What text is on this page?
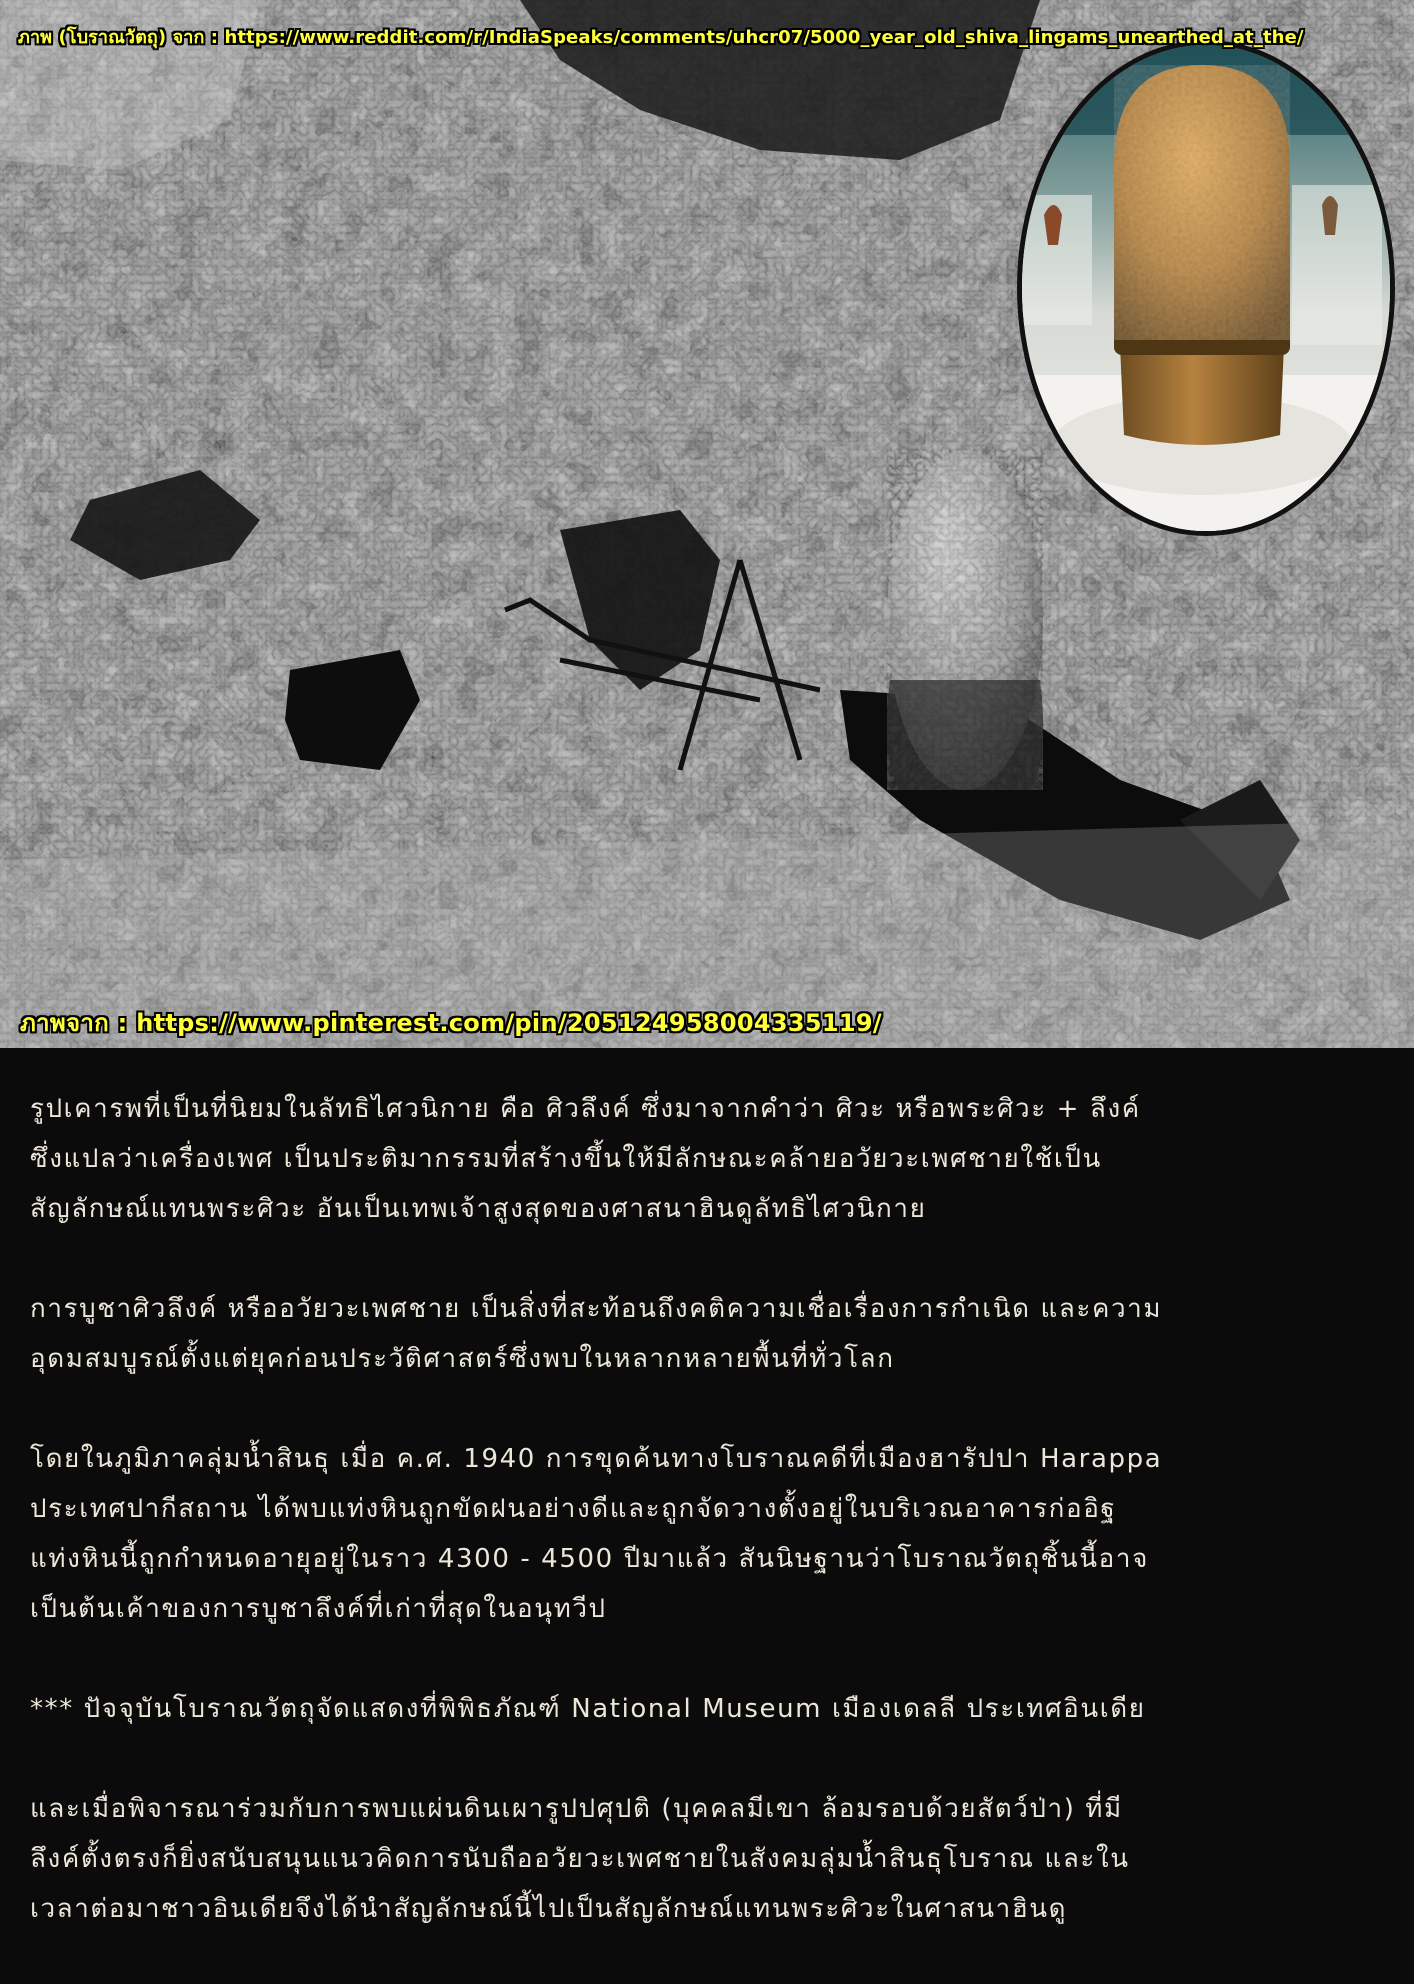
ภาพ (โบราณวัตถุ) จาก : https://www.reddit.com/r/IndiaSpeaks/comments/uhcr07/5000_year_old_shiva_lingams_unearthed_at_the/
ภาพจาก : https://www.pinterest.com/pin/205124958004335119/
รูปเคารพที่เป็นที่นิยมในลัทธิไศวนิกาย คือ ศิวลึงค์ ซึ่งมาจากคำว่า ศิวะ หรือพระศิวะ + ลึงค์
ซึ่งแปลว่าเครื่องเพศ เป็นประติมากรรมที่สร้างขึ้นให้มีลักษณะคล้ายอวัยวะเพศชายใช้เป็น
สัญลักษณ์แทนพระศิวะ อันเป็นเทพเจ้าสูงสุดของศาสนาฮินดูลัทธิไศวนิกาย
การบูชาศิวลึงค์ หรืออวัยวะเพศชาย เป็นสิ่งที่สะท้อนถึงคติความเชื่อเรื่องการกำเนิด และความ
อุดมสมบูรณ์ตั้งแต่ยุคก่อนประวัติศาสตร์ซึ่งพบในหลากหลายพื้นที่ทั่วโลก
โดยในภูมิภาคลุ่มน้ำสินธุ เมื่อ ค.ศ. 1940 การขุดค้นทางโบราณคดีที่เมืองฮารัปปา Harappa
ประเทศปากีสถาน ได้พบแท่งหินถูกขัดฝนอย่างดีและถูกจัดวางตั้งอยู่ในบริเวณอาคารก่ออิฐ
แท่งหินนี้ถูกกำหนดอายุอยู่ในราว 4300 - 4500 ปีมาแล้ว สันนิษฐานว่าโบราณวัตถุชิ้นนี้อาจ
เป็นต้นเค้าของการบูชาลึงค์ที่เก่าที่สุดในอนุทวีป
*** ปัจจุบันโบราณวัตถุจัดแสดงที่พิพิธภัณฑ์ National Museum เมืองเดลลี ประเทศอินเดีย
และเมื่อพิจารณาร่วมกับการพบแผ่นดินเผารูปปศุปติ (บุคคลมีเขา ล้อมรอบด้วยสัตว์ป่า) ที่มี
ลึงค์ตั้งตรงก็ยิ่งสนับสนุนแนวคิดการนับถืออวัยวะเพศชายในสังคมลุ่มน้ำสินธุโบราณ และใน
เวลาต่อมาชาวอินเดียจึงได้นำสัญลักษณ์นี้ไปเป็นสัญลักษณ์แทนพระศิวะในศาสนาฮินดู
